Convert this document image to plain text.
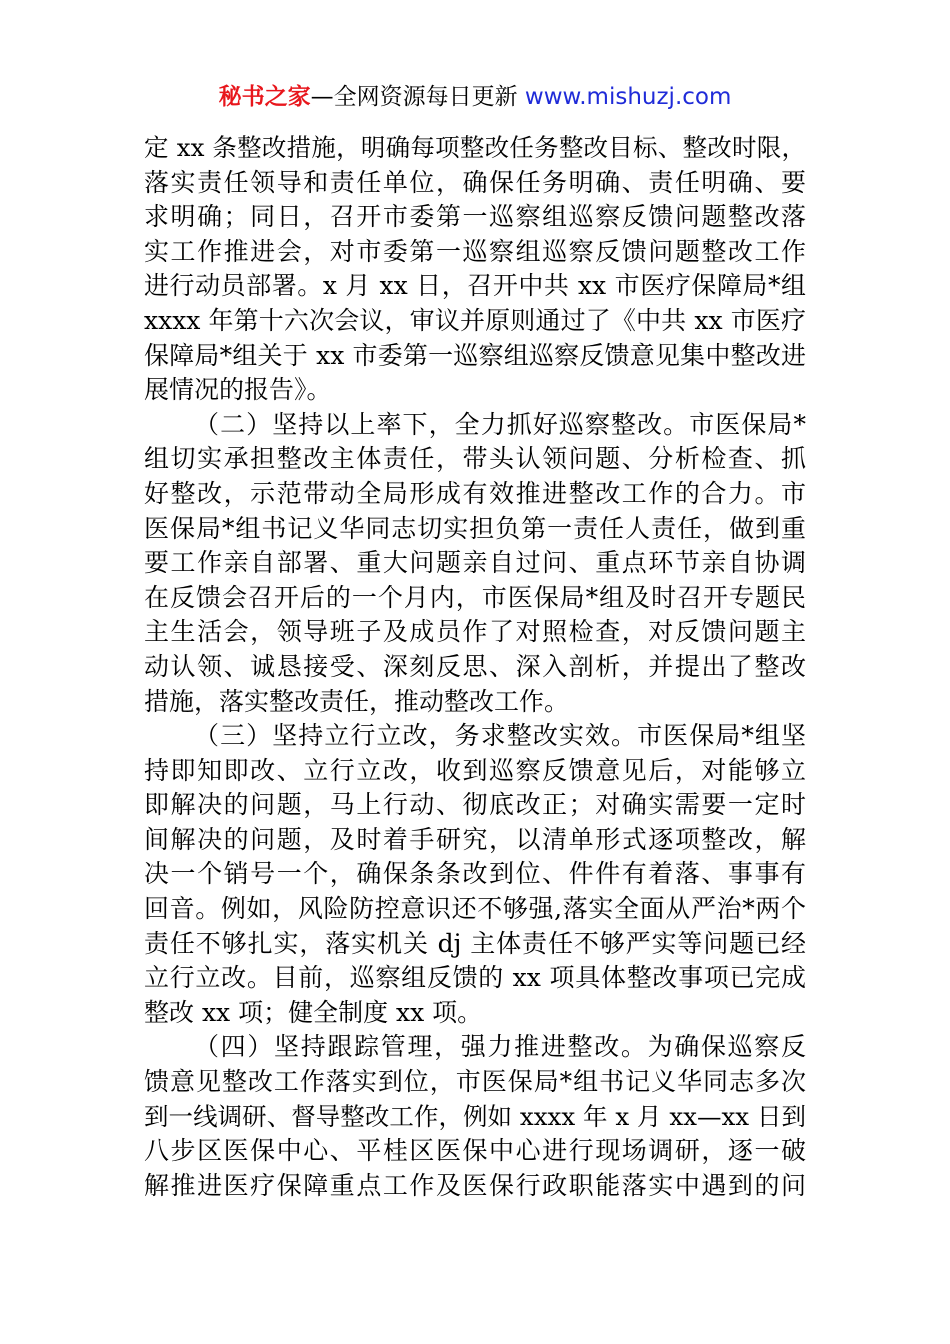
秘书之家—全网资源每日更新 www.mishuzj.com
定 xx 条整改措施，明确每项整改任务整改目标、整改时限，
落实责任领导和责任单位，确保任务明确、责任明确、要
求明确；同日，召开市委第一巡察组巡察反馈问题整改落
实工作推进会，对市委第一巡察组巡察反馈问题整改工作
进行动员部署。x 月 xx 日，召开中共 xx 市医疗保障局*组
xxxx 年第十六次会议，审议并原则通过了《中共 xx 市医疗
保障局*组关于 xx 市委第一巡察组巡察反馈意见集中整改进
展情况的报告》。
（二）坚持以上率下，全力抓好巡察整改。市医保局*
组切实承担整改主体责任，带头认领问题、分析检查、抓
好整改，示范带动全局形成有效推进整改工作的合力。市
医保局*组书记义华同志切实担负第一责任人责任，做到重
要工作亲自部署、重大问题亲自过问、重点环节亲自协调
在反馈会召开后的一个月内，市医保局*组及时召开专题民
主生活会，领导班子及成员作了对照检查，对反馈问题主
动认领、诚恳接受、深刻反思、深入剖析，并提出了整改
措施，落实整改责任，推动整改工作。
（三）坚持立行立改，务求整改实效。市医保局*组坚
持即知即改、立行立改，收到巡察反馈意见后，对能够立
即解决的问题，马上行动、彻底改正；对确实需要一定时
间解决的问题，及时着手研究，以清单形式逐项整改，解
决一个销号一个，确保条条改到位、件件有着落、事事有
回音。例如，风险防控意识还不够强,落实全面从严治*两个
责任不够扎实，落实机关 dj 主体责任不够严实等问题已经
立行立改。目前，巡察组反馈的 xx 项具体整改事项已完成
整改 xx 项；健全制度 xx 项。
（四）坚持跟踪管理，强力推进整改。为确保巡察反
馈意见整改工作落实到位，市医保局*组书记义华同志多次
到一线调研、督导整改工作，例如 xxxx 年 x 月 xx—xx 日到
八步区医保中心、平桂区医保中心进行现场调研，逐一破
解推进医疗保障重点工作及医保行政职能落实中遇到的问
